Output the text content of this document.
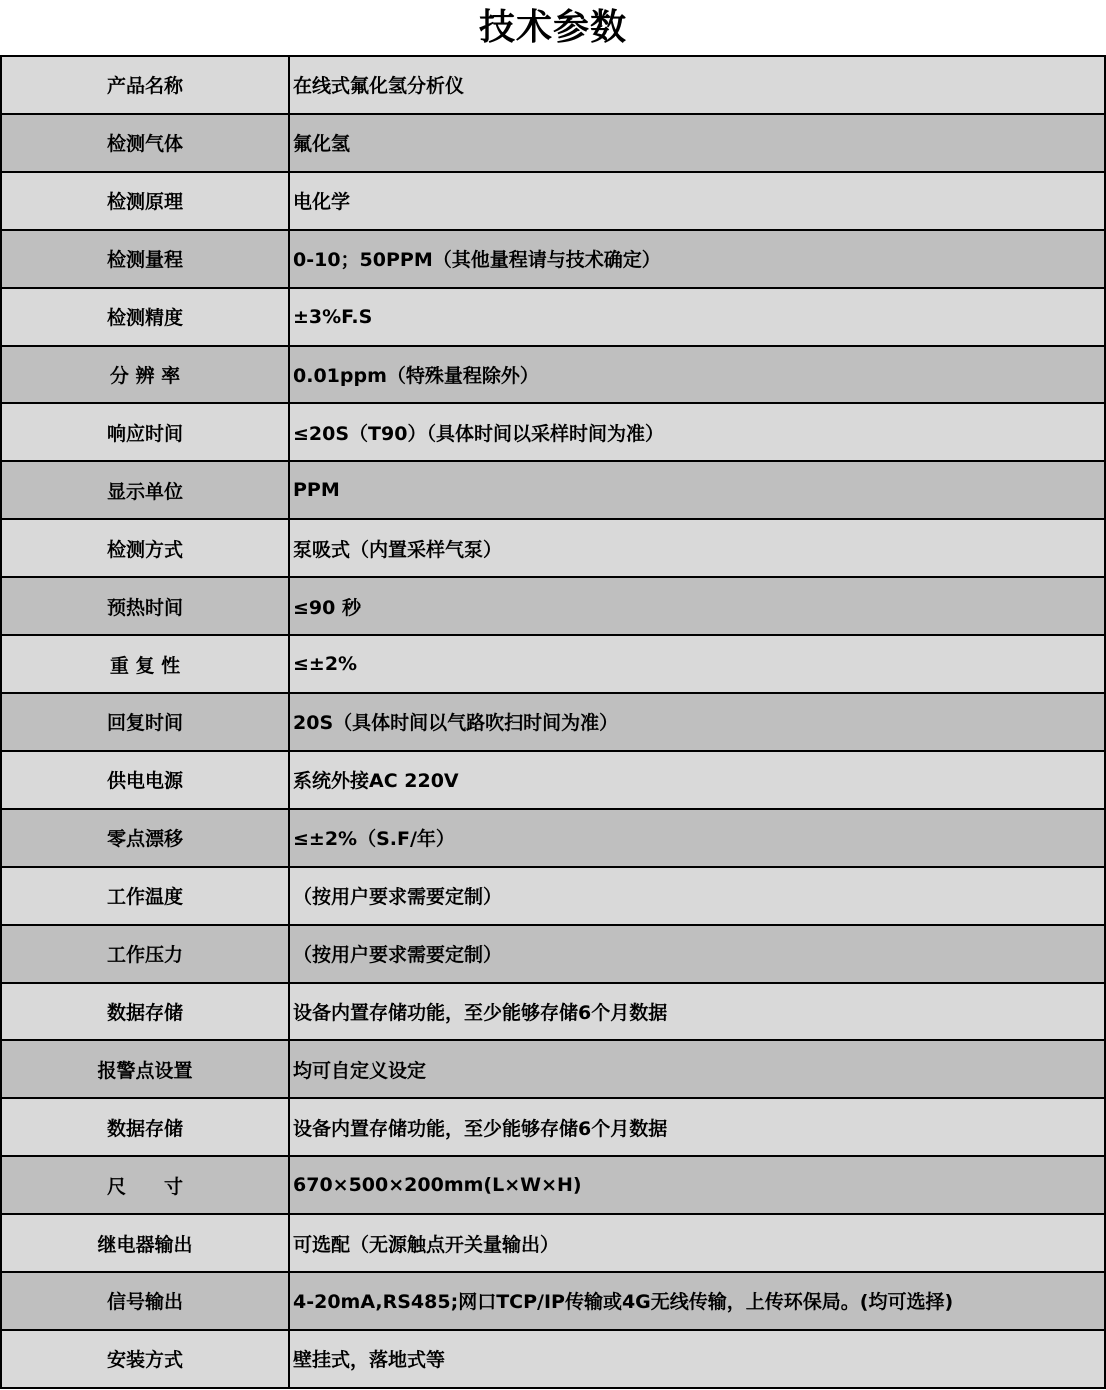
技术参数
产品名称	在线式氟化氢分析仪
检测气体	氟化氢
检测原理	电化学
检测量程	0-10；50PPM（其他量程请与技术确定）
检测精度	±3%F.S
分 辨 率	0.01ppm（特殊量程除外）
响应时间	≤20S（T90）（具体时间以采样时间为准）
显示单位	PPM
检测方式	泵吸式（内置采样气泵）
预热时间	≤90 秒
重 复 性	≤±2%
回复时间	20S（具体时间以气路吹扫时间为准）
供电电源	系统外接AC 220V
零点漂移	≤±2%（S.F/年）
工作温度	（按用户要求需要定制）
工作压力	（按用户要求需要定制）
数据存储	设备内置存储功能，至少能够存储6个月数据
报警点设置	均可自定义设定
数据存储	设备内置存储功能，至少能够存储6个月数据
尺　　寸	670×500×200mm(L×W×H)
继电器输出	可选配（无源触点开关量输出）
信号输出	4-20mA,RS485;网口TCP/IP传输或4G无线传输，上传环保局。(均可选择)
安装方式	壁挂式，落地式等
